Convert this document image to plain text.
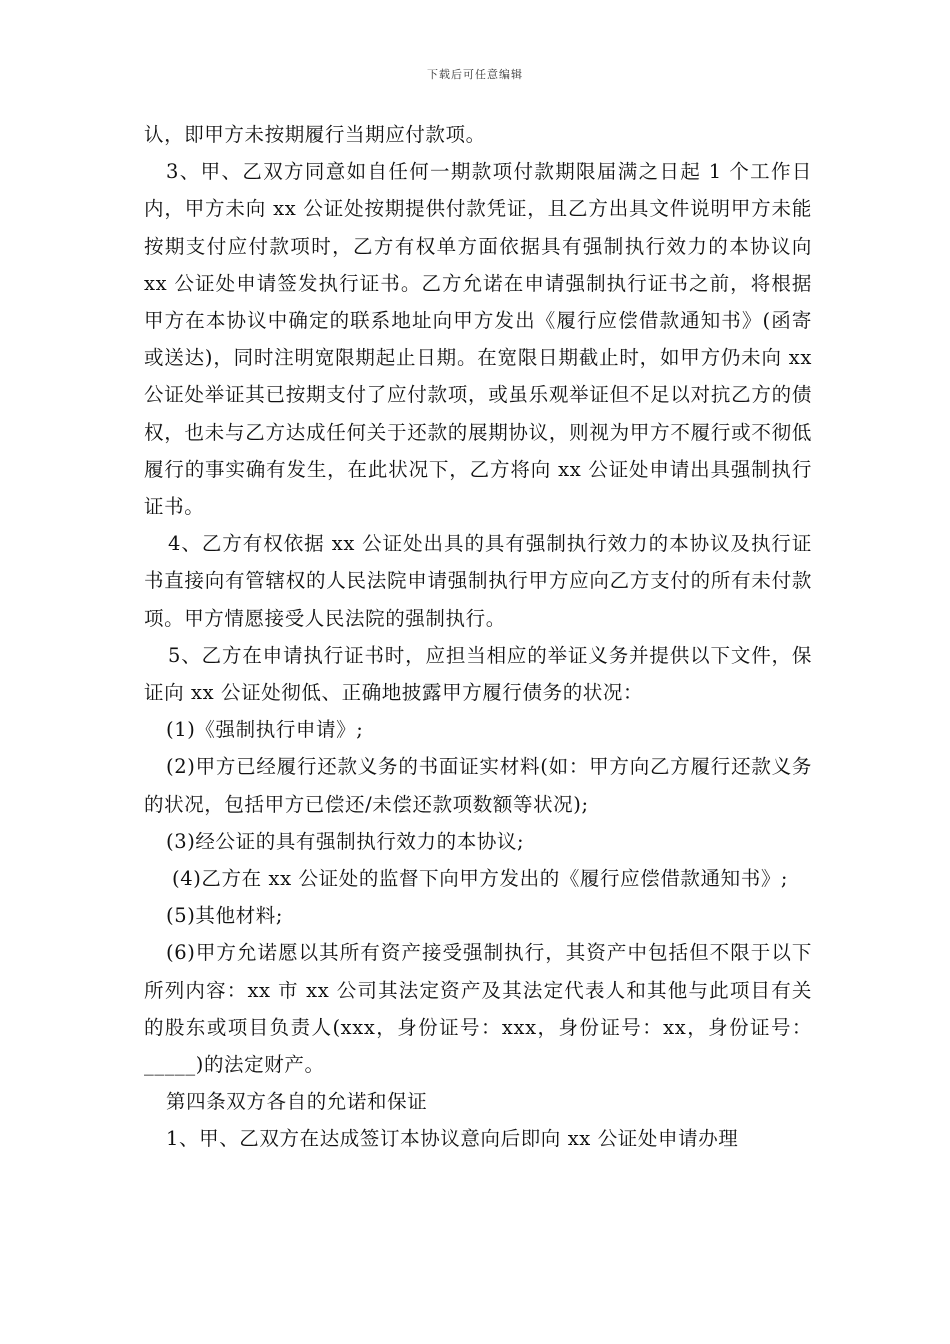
下载后可任意编辑

认，即甲方未按期履行当期应付款项。

3、甲、乙双方同意如自任何一期款项付款期限届满之日起 1 个工作日内，甲方未向 xx 公证处按期提供付款凭证，且乙方出具文件说明甲方未能按期支付应付款项时，乙方有权单方面依据具有强制执行效力的本协议向 xx 公证处申请签发执行证书。乙方允诺在申请强制执行证书之前，将根据甲方在本协议中确定的联系地址向甲方发出《履行应偿借款通知书》(函寄或送达)，同时注明宽限期起止日期。在宽限日期截止时，如甲方仍未向 xx 公证处举证其已按期支付了应付款项，或虽乐观举证但不足以对抗乙方的债权，也未与乙方达成任何关于还款的展期协议，则视为甲方不履行或不彻低履行的事实确有发生，在此状况下，乙方将向 xx 公证处申请出具强制执行证书。

4、乙方有权依据 xx 公证处出具的具有强制执行效力的本协议及执行证书直接向有管辖权的人民法院申请强制执行甲方应向乙方支付的所有未付款项。甲方情愿接受人民法院的强制执行。

5、乙方在申请执行证书时，应担当相应的举证义务并提供以下文件，保证向 xx 公证处彻低、正确地披露甲方履行债务的状况：

(1)《强制执行申请》;

(2)甲方已经履行还款义务的书面证实材料(如：甲方向乙方履行还款义务的状况，包括甲方已偿还/未偿还款项数额等状况);

(3)经公证的具有强制执行效力的本协议;

(4)乙方在 xx 公证处的监督下向甲方发出的《履行应偿借款通知书》;

(5)其他材料;

(6)甲方允诺愿以其所有资产接受强制执行，其资产中包括但不限于以下所列内容：xx 市 xx 公司其法定资产及其法定代表人和其他与此项目有关的股东或项目负责人(xxx，身份证号：xxx，身份证号：xx，身份证号：_____)的法定财产。

第四条双方各自的允诺和保证

1、甲、乙双方在达成签订本协议意向后即向 xx 公证处申请办理
